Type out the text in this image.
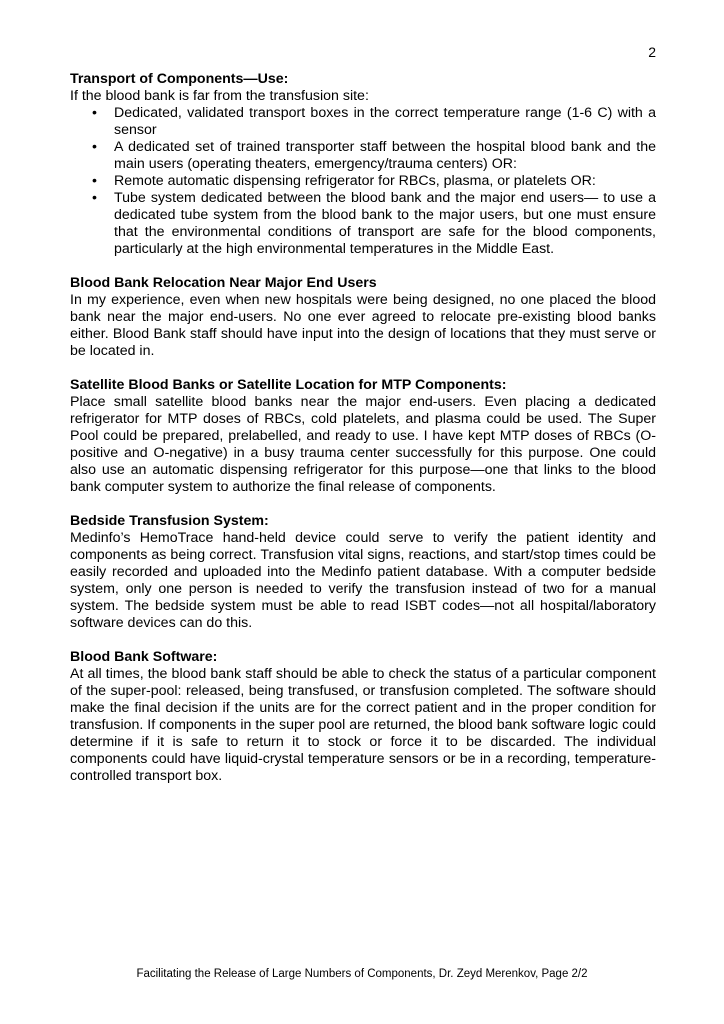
2

Transport of Components—Use:

If the blood bank is far from the transfusion site:

• Dedicated, validated transport boxes in the correct temperature range (1-6 C) with a sensor
• A dedicated set of trained transporter staff between the hospital blood bank and the main users (operating theaters, emergency/trauma centers) OR:
• Remote automatic dispensing refrigerator for RBCs, plasma, or platelets OR:
• Tube system dedicated between the blood bank and the major end users— to use a dedicated tube system from the blood bank to the major users, but one must ensure that the environmental conditions of transport are safe for the blood components, particularly at the high environmental temperatures in the Middle East.

Blood Bank Relocation Near Major End Users

In my experience, even when new hospitals were being designed, no one placed the blood bank near the major end-users. No one ever agreed to relocate pre-existing blood banks either. Blood Bank staff should have input into the design of locations that they must serve or be located in.

Satellite Blood Banks or Satellite Location for MTP Components:

Place small satellite blood banks near the major end-users. Even placing a dedicated refrigerator for MTP doses of RBCs, cold platelets, and plasma could be used. The Super Pool could be prepared, prelabelled, and ready to use. I have kept MTP doses of RBCs (O-positive and O-negative) in a busy trauma center successfully for this purpose. One could also use an automatic dispensing refrigerator for this purpose—one that links to the blood bank computer system to authorize the final release of components.

Bedside Transfusion System:

Medinfo’s HemoTrace hand-held device could serve to verify the patient identity and components as being correct. Transfusion vital signs, reactions, and start/stop times could be easily recorded and uploaded into the Medinfo patient database. With a computer bedside system, only one person is needed to verify the transfusion instead of two for a manual system. The bedside system must be able to read ISBT codes—not all hospital/laboratory software devices can do this.

Blood Bank Software:

At all times, the blood bank staff should be able to check the status of a particular component of the super-pool: released, being transfused, or transfusion completed. The software should make the final decision if the units are for the correct patient and in the proper condition for transfusion. If components in the super pool are returned, the blood bank software logic could determine if it is safe to return it to stock or force it to be discarded. The individual components could have liquid-crystal temperature sensors or be in a recording, temperature-controlled transport box.

Facilitating the Release of Large Numbers of Components, Dr. Zeyd Merenkov, Page 2/2
